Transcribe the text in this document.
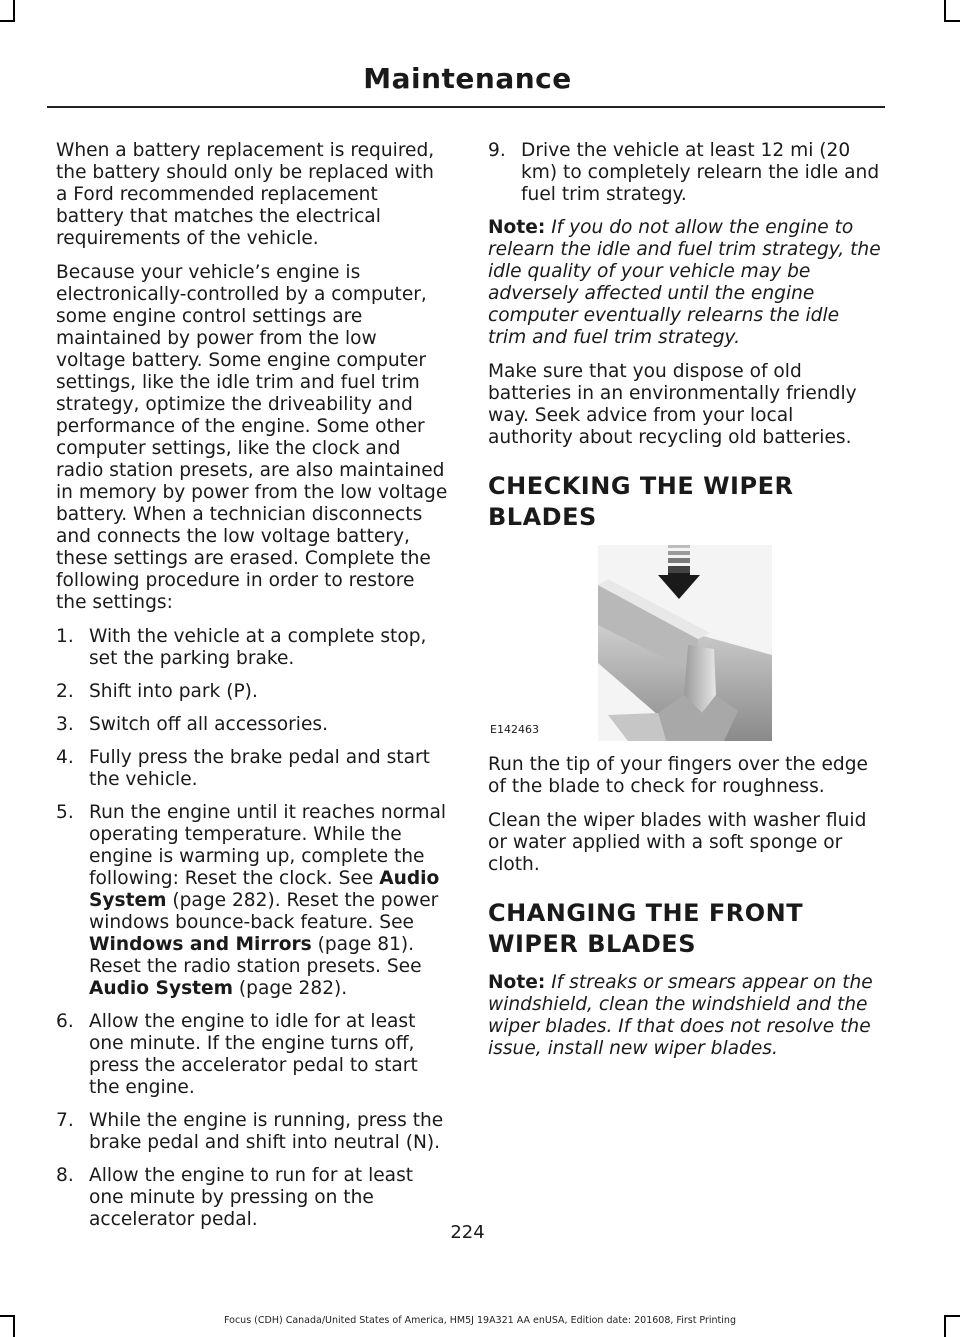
Maintenance

When a battery replacement is required, the battery should only be replaced with a Ford recommended replacement battery that matches the electrical requirements of the vehicle.

Because your vehicle’s engine is electronically-controlled by a computer, some engine control settings are maintained by power from the low voltage battery. Some engine computer settings, like the idle trim and fuel trim strategy, optimize the driveability and performance of the engine. Some other computer settings, like the clock and radio station presets, are also maintained in memory by power from the low voltage battery. When a technician disconnects and connects the low voltage battery, these settings are erased. Complete the following procedure in order to restore the settings:

1. With the vehicle at a complete stop, set the parking brake.
2. Shift into park (P).
3. Switch off all accessories.
4. Fully press the brake pedal and start the vehicle.
5. Run the engine until it reaches normal operating temperature. While the engine is warming up, complete the following: Reset the clock. See Audio System (page 282). Reset the power windows bounce-back feature. See Windows and Mirrors (page 81). Reset the radio station presets. See Audio System (page 282).
6. Allow the engine to idle for at least one minute. If the engine turns off, press the accelerator pedal to start the engine.
7. While the engine is running, press the brake pedal and shift into neutral (N).
8. Allow the engine to run for at least one minute by pressing on the accelerator pedal.
9. Drive the vehicle at least 12 mi (20 km) to completely relearn the idle and fuel trim strategy.

Note: If you do not allow the engine to relearn the idle and fuel trim strategy, the idle quality of your vehicle may be adversely affected until the engine computer eventually relearns the idle trim and fuel trim strategy.

Make sure that you dispose of old batteries in an environmentally friendly way. Seek advice from your local authority about recycling old batteries.

CHECKING THE WIPER BLADES
E142463

Run the tip of your fingers over the edge of the blade to check for roughness.

Clean the wiper blades with washer fluid or water applied with a soft sponge or cloth.

CHANGING THE FRONT WIPER BLADES

Note: If streaks or smears appear on the windshield, clean the windshield and the wiper blades. If that does not resolve the issue, install new wiper blades.

224
Focus (CDH) Canada/United States of America, HM5J 19A321 AA enUSA, Edition date: 201608, First Printing
